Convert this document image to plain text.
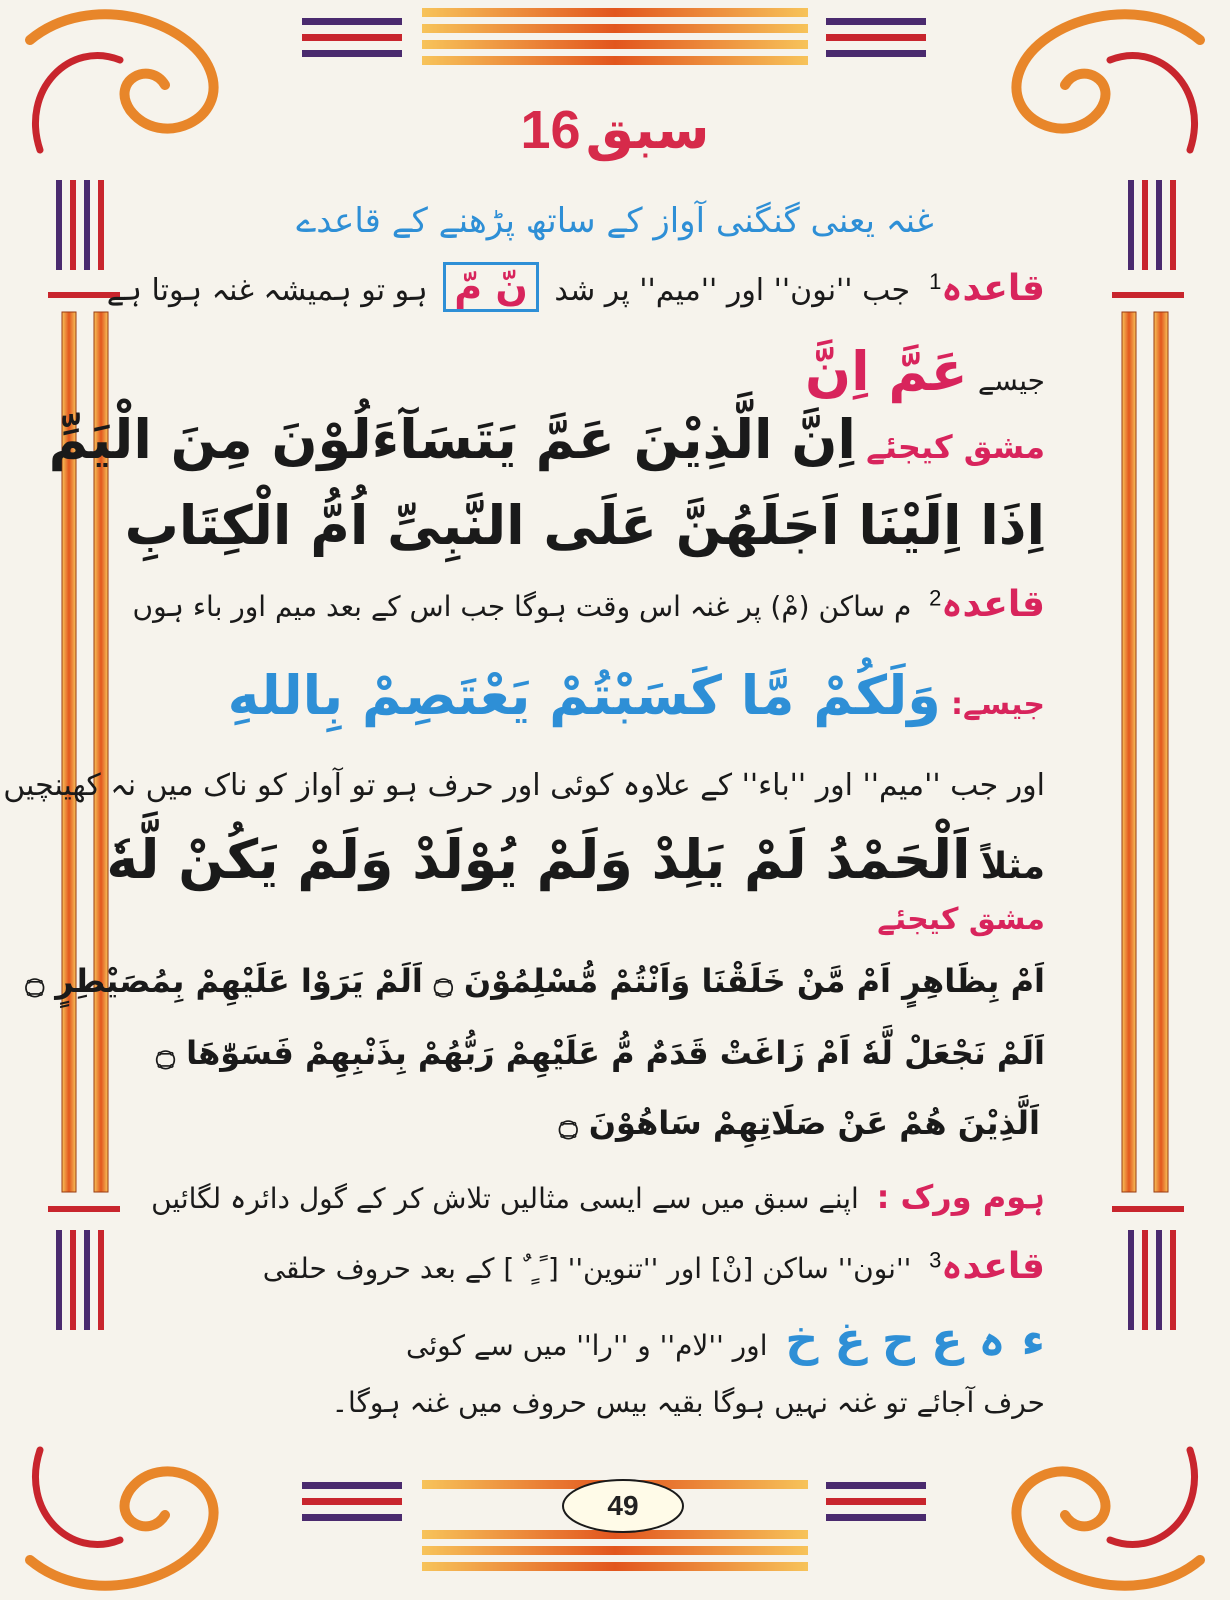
16 سبق
غنہ یعنی گنگنی آواز کے ساتھ پڑھنے کے قاعدے
قاعدہ$^1$  جب ''نون'' اور ''میم'' پر شد نّ مّ ہو تو ہمیشہ غنہ ہوتا ہے
جیسے  عَمَّ اِنَّ
مشق کیجئے  اِنَّ الَّذِیْنَ عَمَّ یَتَسَآءَلُوْنَ مِنَ الْیَمِّ
اِذَا اِلَیْنَا اَجَلَهُنَّ عَلَی النَّبِیِّ اُمُّ الْکِتَابِ
قاعدہ$^2$  م ساکن (مْ) پر غنہ اس وقت ہوگا جب اس کے بعد میم اور باء ہوں
جیسے:  وَلَكُمْ مَّا كَسَبْتُمْ يَعْتَصِمْ بِاللهِ
اور جب ''میم'' اور ''باء'' کے علاوہ کوئی اور حرف ہو تو آواز کو ناک میں نہ کھینچیں
مثلاً  اَلْحَمْدُ لَمْ يَلِدْ وَلَمْ يُوْلَدْ وَلَمْ يَكُنْ لَّهٗ
مشق کیجئے
اَمْ بِظَاهِرٍ اَمْ مَّنْ خَلَقْنَا وَاَنْتُمْ مُّسْلِمُوْنَ ۝ اَلَمْ يَرَوْا عَلَيْهِمْ بِمُصَيْطِرٍ ۝
اَلَمْ نَجْعَلْ لَّهٗ اَمْ زَاغَتْ قَدَمٌ مُّ عَلَيْهِمْ رَبُّهُمْ بِذَنْبِهِمْ فَسَوّٰهَا ۝
اَلَّذِيْنَ هُمْ عَنْ صَلَاتِهِمْ سَاهُوْنَ ۝
ہوم ورک :  اپنے سبق میں سے ایسی مثالیں تلاش کر کے گول دائرہ لگائیں
قاعدہ$^3$  ''نون'' ساکن [نْ] اور ''تنوین'' [ ً ٍ ٌ ] کے بعد حروف حلقی
ء ہ ع ح غ خ  اور ''لام'' و ''را'' میں سے کوئی
حرف آجائے تو غنہ نہیں ہوگا بقیہ بیس حروف میں غنہ ہوگا۔
49
